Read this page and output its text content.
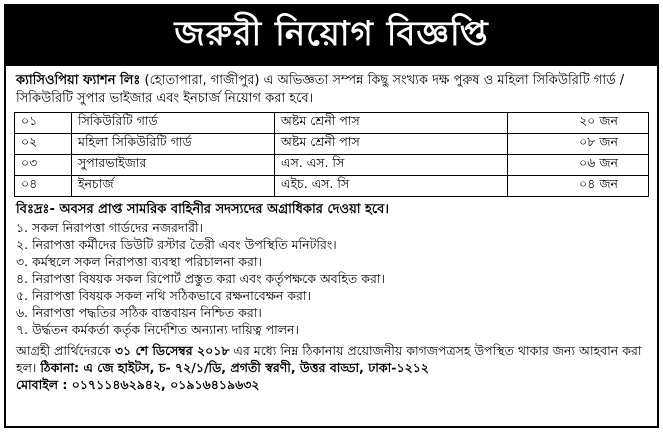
জরুরী নিয়োগ বিজ্ঞপ্তি
ক্যাসিওপিয়া ফ্যাশন লিঃ (হোতাপারা, গাজীপুর) এ অভিজ্ঞতা সম্পন্ন কিছু সংখ্যক দক্ষ পুরুষ ও মহিলা সিকিউরিটি গার্ড / সিকিউরিটি সুপার ভাইজার এবং ইনচার্জ নিয়োগ করা হবে।
০১	সিকিউরিটি গার্ড	অষ্টম শ্রেনী পাস	২০ জন
০২	মহিলা সিকিউরিটি গার্ড	অষ্টম শ্রেনী পাস	০৮ জন
০৩	সুপারভাইজার	এস. এস. সি	০৬ জন
০৪	ইনচার্জ	এইচ. এস. সি	০৪ জন
বিঃদ্রঃ- অবসর প্রাপ্ত সামরিক বাহিনীর সদস্যদের অগ্রাধিকার দেওয়া হবে।
১. সকল নিরাপত্তা গার্ডদের নজরদারী।
২. নিরাপত্তা কর্মীদের ডিউটি রস্টার তৈরী এবং উপস্থিতি মনিটরিং।
৩. কর্মস্থলে সকল নিরাপত্তা ব্যবস্থা পরিচালনা করা।
৪. নিরাপত্তা বিষয়ক সকল রিপোর্ট প্রস্তুত করা এবং কর্তৃপক্ষকে অবহিত করা।
৫. নিরাপত্তা বিষয়ক সকল নথি সঠিকভাবে রক্ষনাবেক্ষন করা।
৬. নিরাপত্তা পদ্ধতির সঠিক বাস্তবায়ন নিশ্চিত করা।
৭. উর্দ্ধতন কর্মকর্তা কর্তৃক নির্দেশিত অন্যান্য দায়িত্ব পালন।
আগ্রহী প্রার্থিদেরকে ৩১ শে ডিসেম্বর ২০১৮ এর মধ্যে নিম্ন ঠিকানায় প্রয়োজনীয় কাগজপত্রসহ উপস্থিত থাকার জন্য আহবান করা হল। ঠিকানা: এ জে হাইটস, চ- ৭২/১/ডি, প্রগতী স্বরণী, উত্তর বাড্ডা, ঢাকা-১২১২
মোবাইল : ০১৭১১৪৬২৯৪২, ০১৯১৬৪১৯৬৩২
